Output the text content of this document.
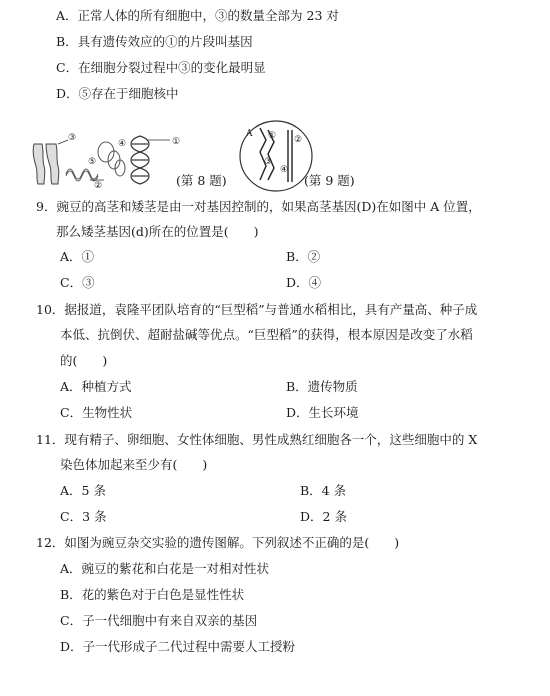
A．正常人体的所有细胞中，③的数量全部为 23 对
B．具有遗传效应的①的片段叫基因
C．在细胞分裂过程中③的变化最明显
D．⑤存在于细胞核中
①
②
③
④
⑤
(第 8 题)
A ① ②
③
④
(第 9 题)
9．豌豆的高茎和矮茎是由一对基因控制的，如果高茎基因(D)在如图中 A 位置，
那么矮茎基因(d)所在的位置是(　　)
A．①	B．②
C．③	D．④
10．据报道，袁隆平团队培育的“巨型稻”与普通水稻相比，具有产量高、种子成
本低、抗倒伏、超耐盐碱等优点。“巨型稻”的获得，根本原因是改变了水稻
的(　　)
A．种植方式	B．遗传物质
C．生物性状	D．生长环境
11．现有精子、卵细胞、女性体细胞、男性成熟红细胞各一个，这些细胞中的 X
染色体加起来至少有(　　)
A．5 条	B．4 条
C．3 条	D．2 条
12．如图为豌豆杂交实验的遗传图解。下列叙述不正确的是(　　)
A．豌豆的紫花和白花是一对相对性状
B．花的紫色对于白色是显性性状
C．子一代细胞中有来自双亲的基因
D．子一代形成子二代过程中需要人工授粉
